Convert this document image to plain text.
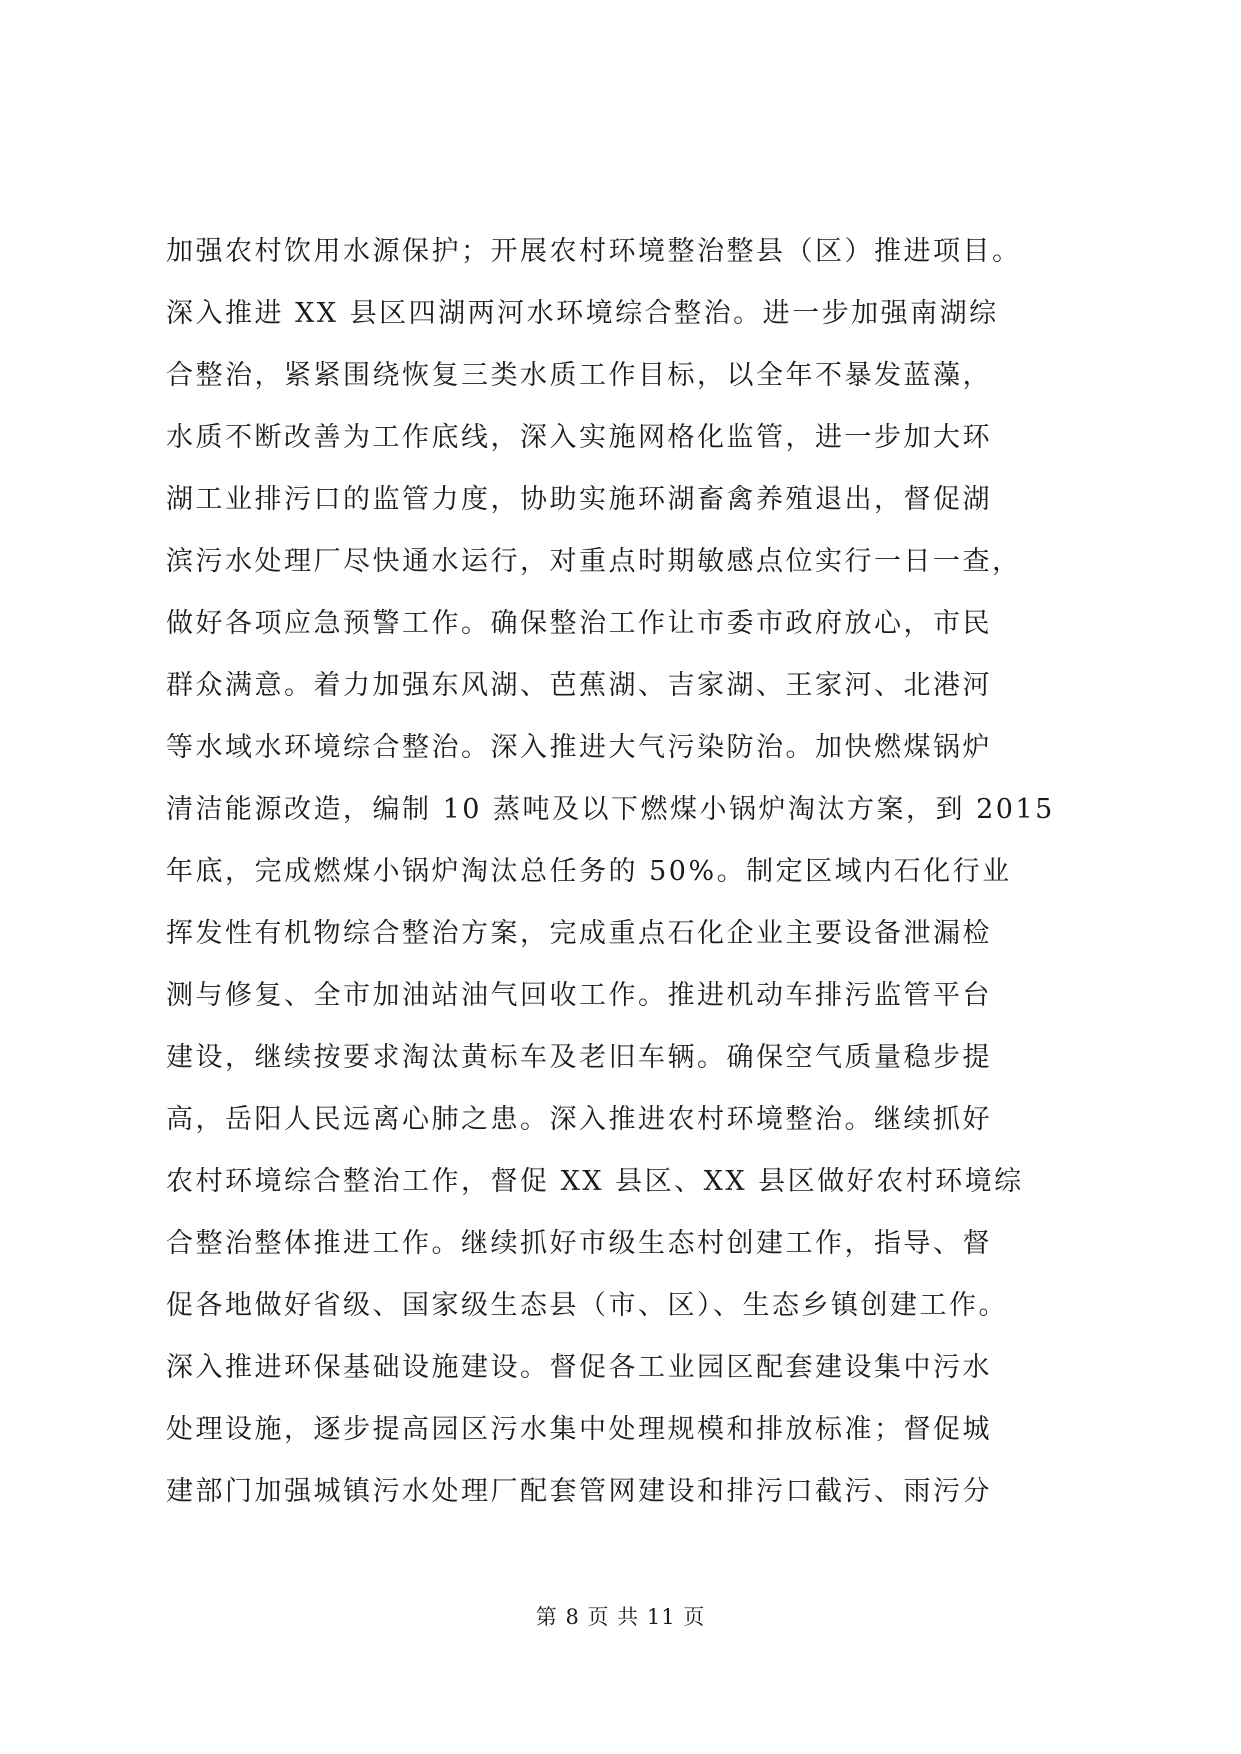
加强农村饮用水源保护；开展农村环境整治整县（区）推进项目。
深入推进 XX 县区四湖两河水环境综合整治。进一步加强南湖综
合整治，紧紧围绕恢复三类水质工作目标，以全年不暴发蓝藻，
水质不断改善为工作底线，深入实施网格化监管，进一步加大环
湖工业排污口的监管力度，协助实施环湖畜禽养殖退出，督促湖
滨污水处理厂尽快通水运行，对重点时期敏感点位实行一日一查，
做好各项应急预警工作。确保整治工作让市委市政府放心，市民
群众满意。着力加强东风湖、芭蕉湖、吉家湖、王家河、北港河
等水域水环境综合整治。深入推进大气污染防治。加快燃煤锅炉
清洁能源改造，编制 10 蒸吨及以下燃煤小锅炉淘汰方案，到 2015
年底，完成燃煤小锅炉淘汰总任务的 50%。制定区域内石化行业
挥发性有机物综合整治方案，完成重点石化企业主要设备泄漏检
测与修复、全市加油站油气回收工作。推进机动车排污监管平台
建设，继续按要求淘汰黄标车及老旧车辆。确保空气质量稳步提
高，岳阳人民远离心肺之患。深入推进农村环境整治。继续抓好
农村环境综合整治工作，督促 XX 县区、XX 县区做好农村环境综
合整治整体推进工作。继续抓好市级生态村创建工作，指导、督
促各地做好省级、国家级生态县（市、区）、生态乡镇创建工作。
深入推进环保基础设施建设。督促各工业园区配套建设集中污水
处理设施，逐步提高园区污水集中处理规模和排放标准；督促城
建部门加强城镇污水处理厂配套管网建设和排污口截污、雨污分
第 8 页 共 11 页
